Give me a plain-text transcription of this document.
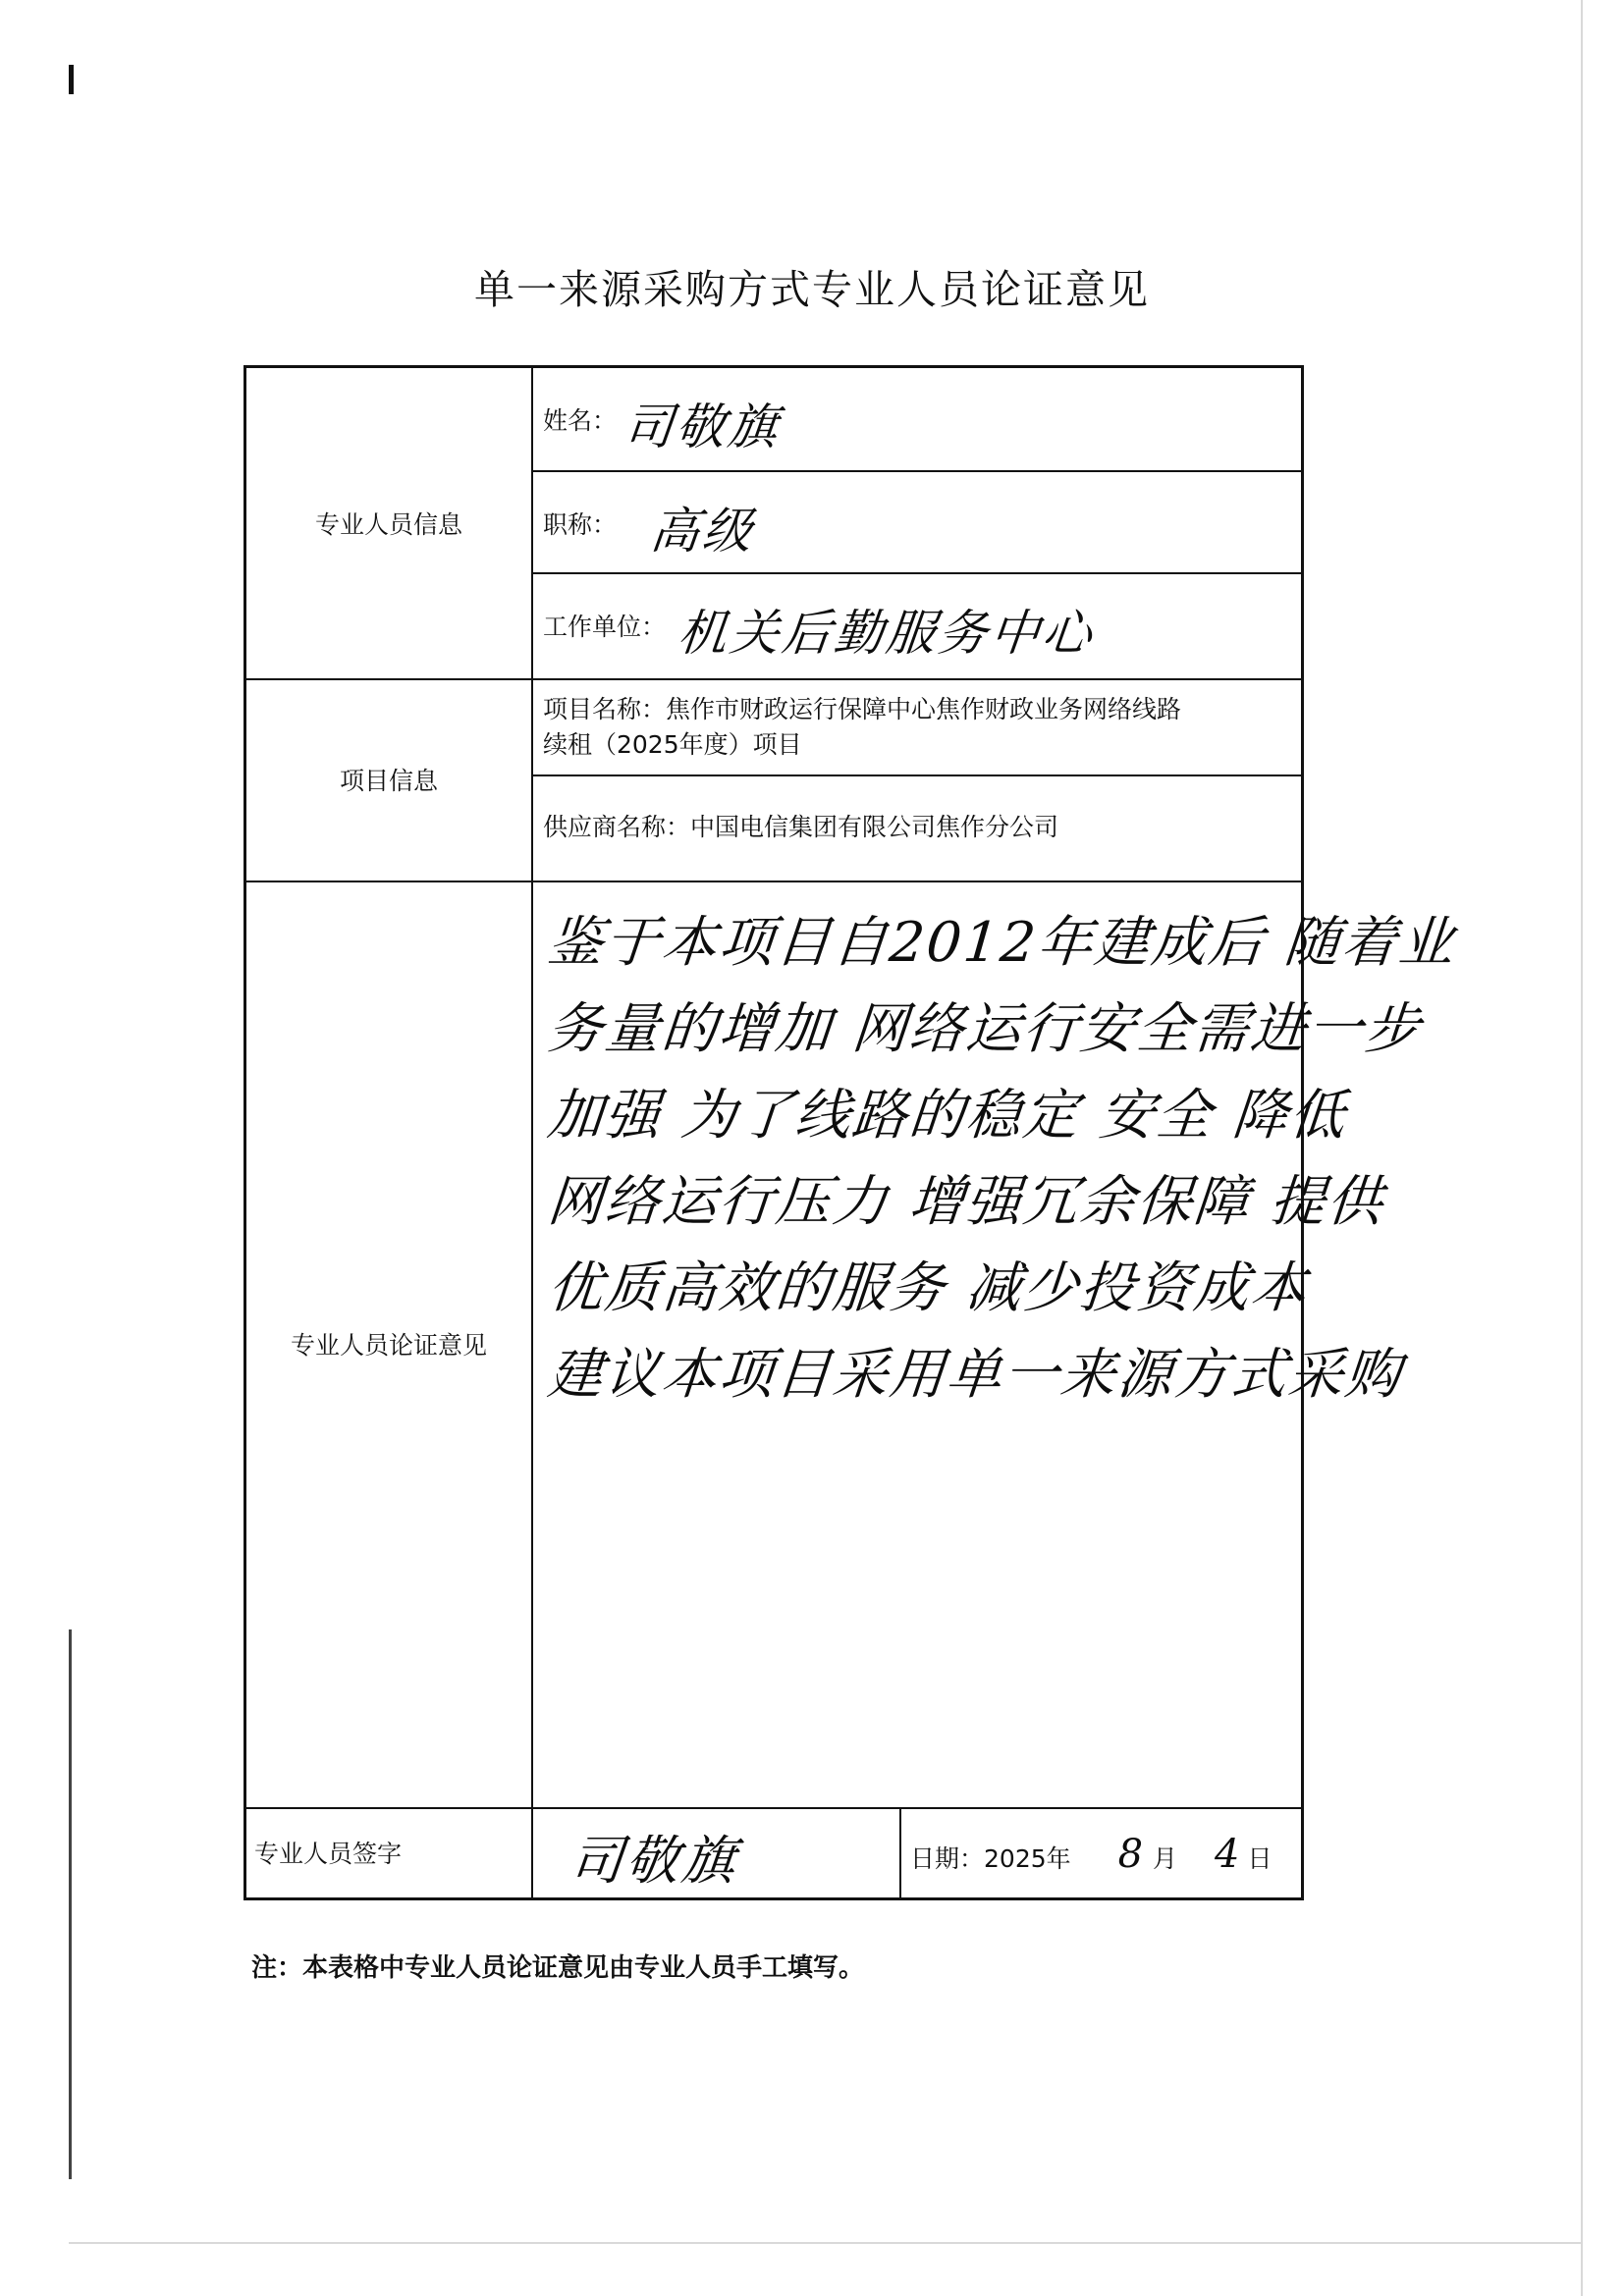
单一来源采购方式专业人员论证意见
专业人员信息
项目信息
专业人员论证意见
专业人员签字
姓名： 司敬旗
职称： 高级
工作单位： 机关后勤服务中心
项目名称：焦作市财政运行保障中心焦作财政业务网络线路
续租（2025年度）项目
供应商名称：中国电信集团有限公司焦作分公司
鉴于本项目自2012年建成后 随着业
务量的增加 网络运行安全需进一步
加强 为了线路的稳定 安全 降低
网络运行压力 增强冗余保障 提供
优质高效的服务 减少投资成本
建议本项目采用单一来源方式采购
司敬旗	日期：2025年 8 月 4 日
注：本表格中专业人员论证意见由专业人员手工填写。
